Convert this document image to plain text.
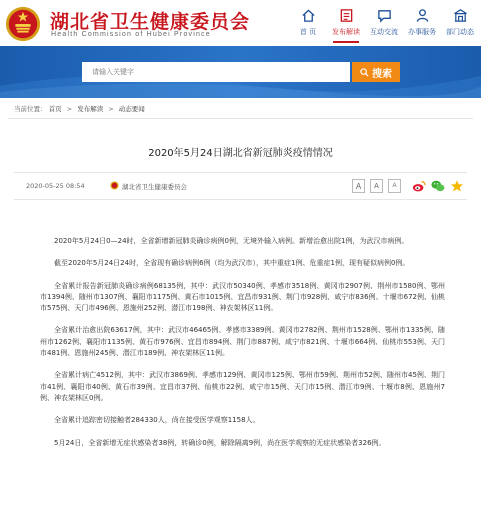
湖北省卫生健康委员会
Health Commission of Hubei Province	首 页 发布解读 互动交流 办事服务 部门动态
请输入关键字
搜索
当前位置： 首页 > 发布解读 > 动态要闻
2020年5月24日湖北省新冠肺炎疫情情况
2020-05-25 08:54	湖北省卫生健康委员会	A A A

2020年5月24日0—24时，全省新增新冠肺炎确诊病例0例，无境外输入病例。新增治愈出院1例，为武汉市病例。

截至2020年5月24日24时，全省现有确诊病例6例（均为武汉市），其中重症1例、危重症1例，现有疑似病例0例。

全省累计报告新冠肺炎确诊病例68135例，其中：武汉市50340例、孝感市3518例、黄冈市2907例、荆州市1580例、鄂州市1394例、随州市1307例、襄阳市1175例、黄石市1015例、宜昌市931例、荆门市928例、咸宁市836例、十堰市672例、仙桃市575例、天门市496例、恩施州252例、潜江市198例、神农架林区11例。

全省累计治愈出院63617例，其中：武汉市46465例、孝感市3389例、黄冈市2782例、荆州市1528例、鄂州市1335例、随州市1262例、襄阳市1135例、黄石市976例、宜昌市894例、荆门市887例、咸宁市821例、十堰市664例、仙桃市553例、天门市481例、恩施州245例、潜江市189例、神农架林区11例。

全省累计病亡4512例，其中：武汉市3869例、孝感市129例、黄冈市125例、鄂州市59例、荆州市52例、随州市45例、荆门市41例、襄阳市40例、黄石市39例、宜昌市37例、仙桃市22例、咸宁市15例、天门市15例、潜江市9例、十堰市8例、恩施州7例、神农架林区0例。

全省累计追踪密切接触者284330人，尚在接受医学观察1158人。

5月24日，全省新增无症状感染者38例，转确诊0例，解除隔离9例，尚在医学观察的无症状感染者326例。
